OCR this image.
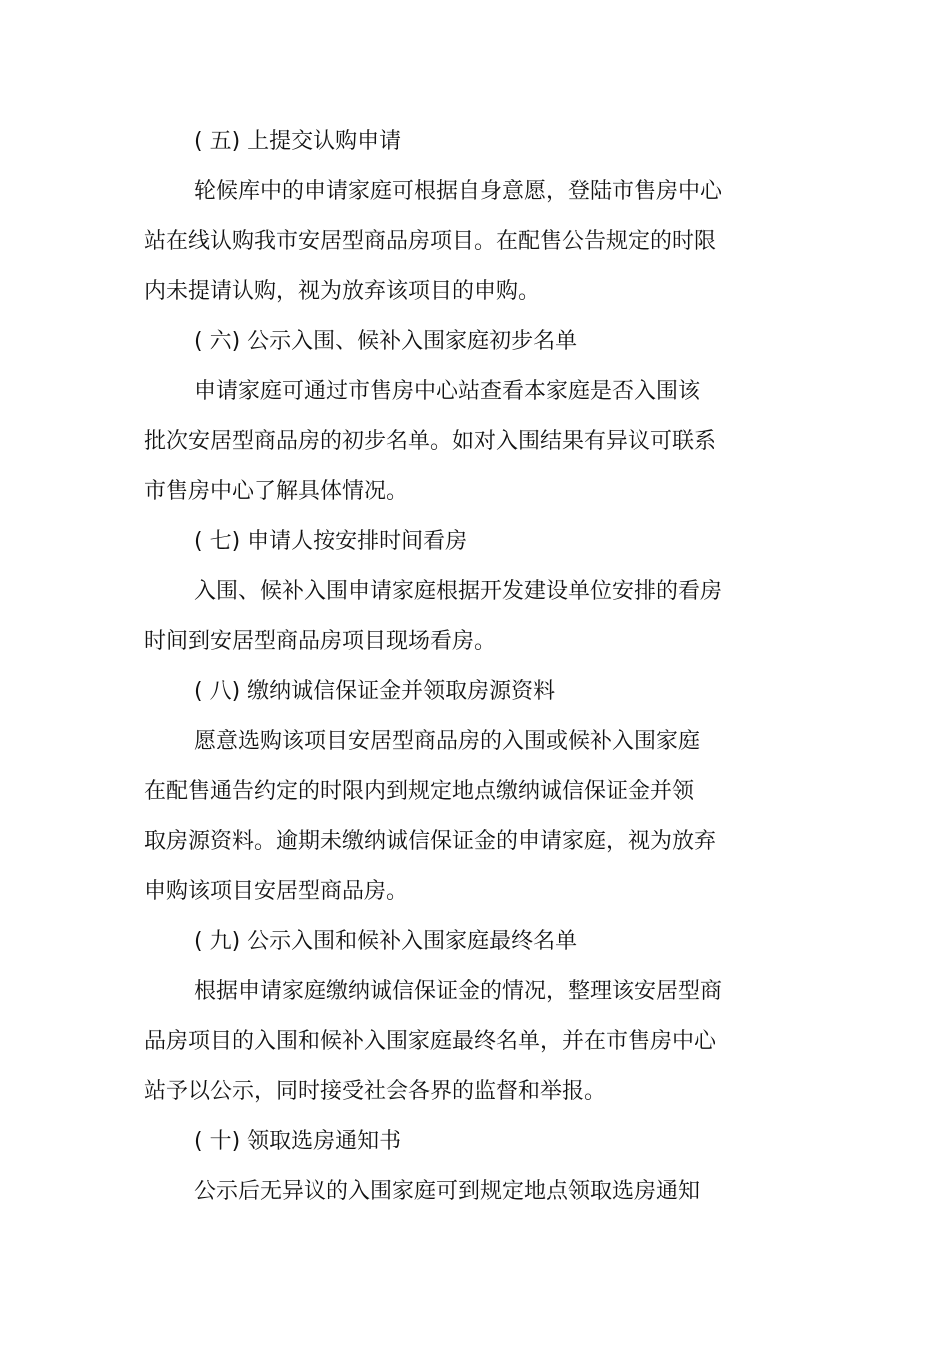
( 五) 上提交认购申请
轮候库中的申请家庭可根据自身意愿，登陆市售房中心
站在线认购我市安居型商品房项目。在配售公告规定的时限
内未提请认购，视为放弃该项目的申购。
( 六) 公示入围、候补入围家庭初步名单
申请家庭可通过市售房中心站查看本家庭是否入围该
批次安居型商品房的初步名单。如对入围结果有异议可联系
市售房中心了解具体情况。
( 七) 申请人按安排时间看房
入围、候补入围申请家庭根据开发建设单位安排的看房
时间到安居型商品房项目现场看房。
( 八) 缴纳诚信保证金并领取房源资料
愿意选购该项目安居型商品房的入围或候补入围家庭
在配售通告约定的时限内到规定地点缴纳诚信保证金并领
取房源资料。逾期未缴纳诚信保证金的申请家庭，视为放弃
申购该项目安居型商品房。
( 九) 公示入围和候补入围家庭最终名单
根据申请家庭缴纳诚信保证金的情况，整理该安居型商
品房项目的入围和候补入围家庭最终名单，并在市售房中心
站予以公示，同时接受社会各界的监督和举报。
( 十) 领取选房通知书
公示后无异议的入围家庭可到规定地点领取选房通知
